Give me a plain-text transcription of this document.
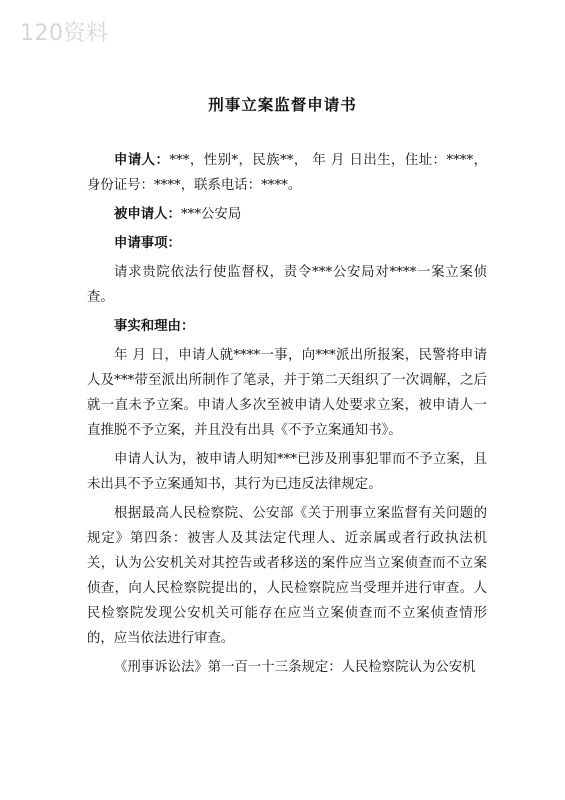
120资料
刑事立案监督申请书

申请人：***，性别*，民族**， 年 月 日出生，住址：****，身份证号：****，联系电话：****。

被申请人：***公安局

申请事项：

请求贵院依法行使监督权，责令***公安局对****一案立案侦查。

事实和理由：

年 月 日，申请人就****一事，向***派出所报案，民警将申请人及***带至派出所制作了笔录，并于第二天组织了一次调解，之后就一直未予立案。申请人多次至被申请人处要求立案，被申请人一直推脱不予立案，并且没有出具《不予立案通知书》。

申请人认为，被申请人明知***已涉及刑事犯罪而不予立案，且未出具不予立案通知书，其行为已违反法律规定。

根据最高人民检察院、公安部《关于刑事立案监督有关问题的规定》第四条：被害人及其法定代理人、近亲属或者行政执法机关，认为公安机关对其控告或者移送的案件应当立案侦查而不立案侦查，向人民检察院提出的，人民检察院应当受理并进行审查。人民检察院发现公安机关可能存在应当立案侦查而不立案侦查情形的，应当依法进行审查。

《刑事诉讼法》第一百一十三条规定：人民检察院认为公安机
